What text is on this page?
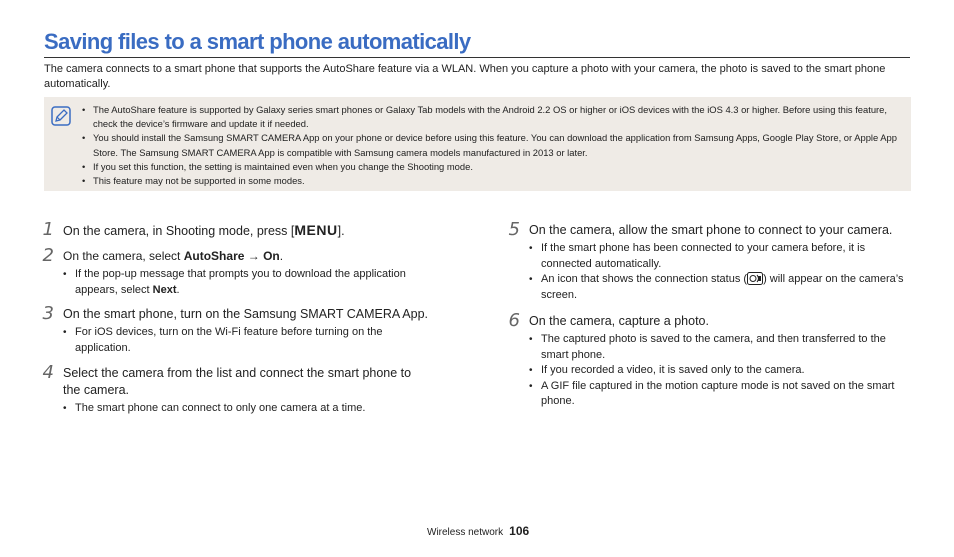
Saving files to a smart phone automatically
The camera connects to a smart phone that supports the AutoShare feature via a WLAN. When you capture a photo with your camera, the photo is saved to the smart phone automatically.
• The AutoShare feature is supported by Galaxy series smart phones or Galaxy Tab models with the Android 2.2 OS or higher or iOS devices with the iOS 4.3 or higher. Before using this feature, check the device’s firmware and update it if needed.
• You should install the Samsung SMART CAMERA App on your phone or device before using this feature. You can download the application from Samsung Apps, Google Play Store, or Apple App Store. The Samsung SMART CAMERA App is compatible with Samsung camera models manufactured in 2013 or later.
• If you set this function, the setting is maintained even when you change the Shooting mode.
• This feature may not be supported in some modes.
1 On the camera, in Shooting mode, press [MENU].
2 On the camera, select AutoShare → On.
• If the pop-up message that prompts you to download the application appears, select Next.
3 On the smart phone, turn on the Samsung SMART CAMERA App.
• For iOS devices, turn on the Wi-Fi feature before turning on the application.
4 Select the camera from the list and connect the smart phone to the camera.
• The smart phone can connect to only one camera at a time.
5 On the camera, allow the smart phone to connect to your camera.
• If the smart phone has been connected to your camera before, it is connected automatically.
• An icon that shows the connection status ( ) will appear on the camera’s screen.
6 On the camera, capture a photo.
• The captured photo is saved to the camera, and then transferred to the smart phone.
• If you recorded a video, it is saved only to the camera.
• A GIF file captured in the motion capture mode is not saved on the smart phone.
Wireless network 106
